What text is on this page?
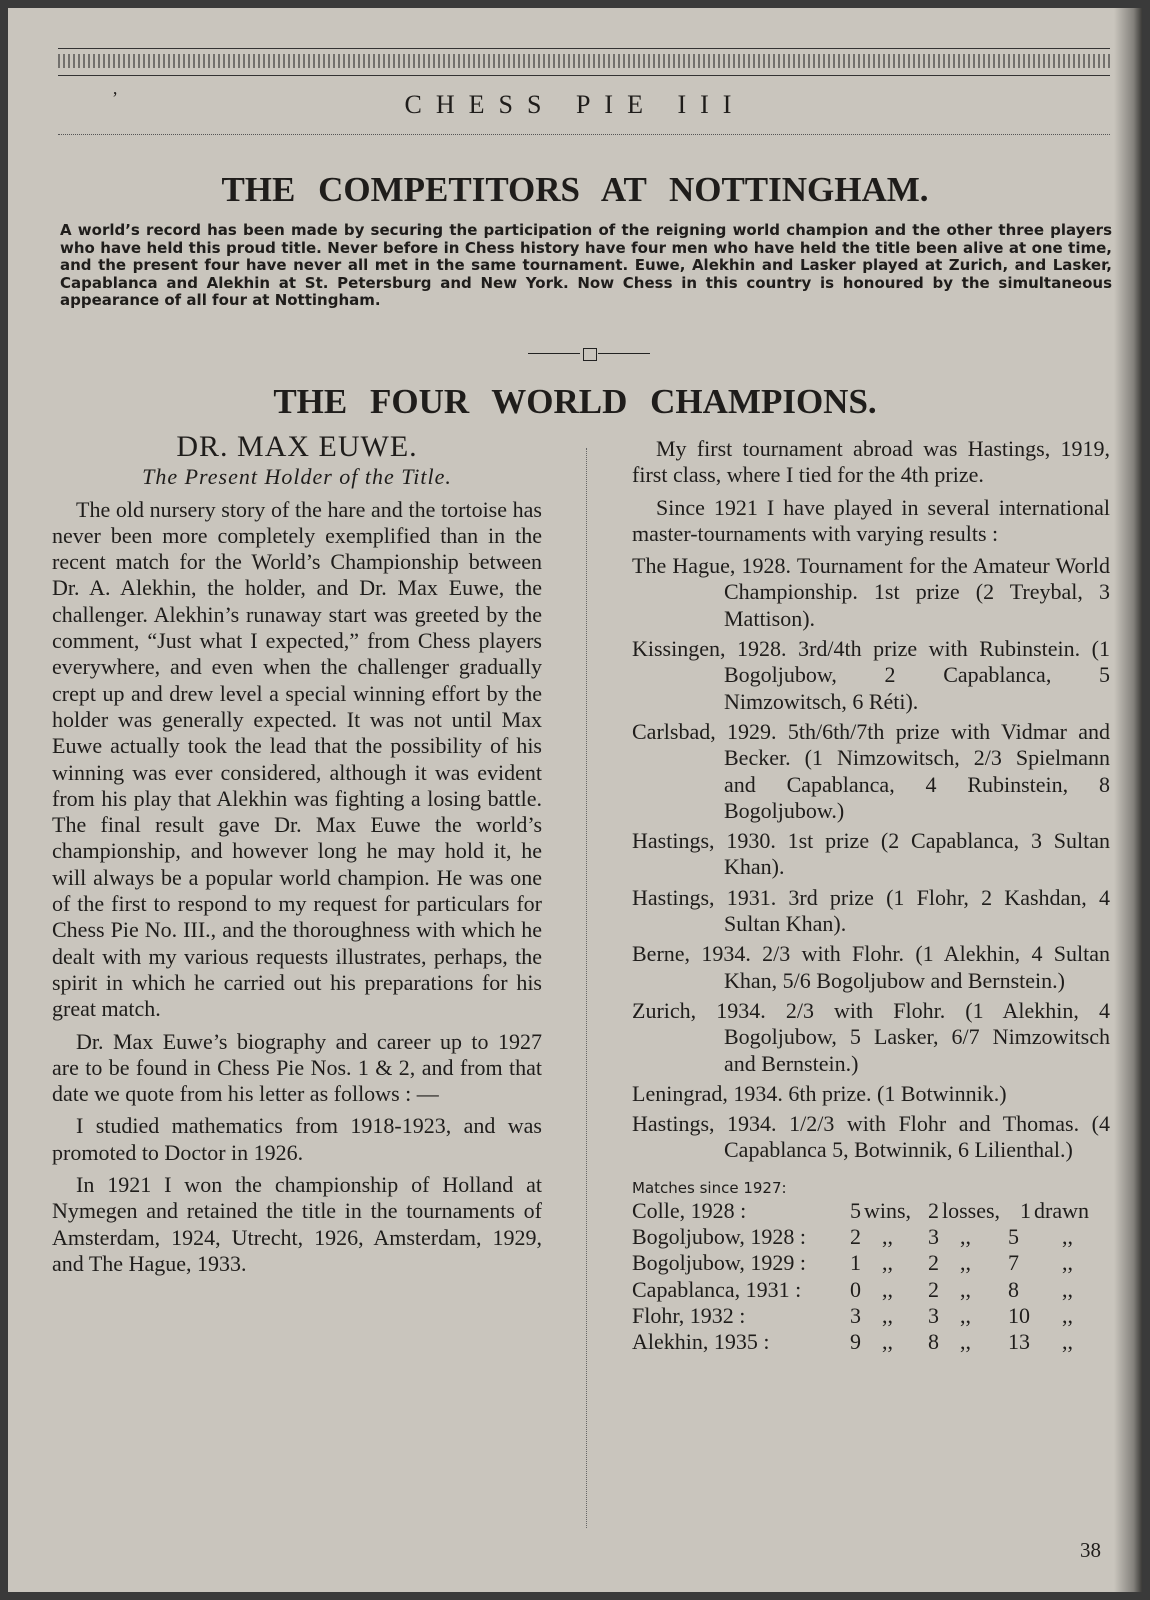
ʼ	CHESS PIE III
THE COMPETITORS AT NOTTINGHAM.
A world’s record has been made by securing the participation of the reigning world champion and the other three players who have held this proud title. Never before in Chess history have four men who have held the title been alive at one time, and the present four have never all met in the same tournament. Euwe, Alekhin and Lasker played at Zurich, and Lasker, Capablanca and Alekhin at St. Petersburg and New York. Now Chess in this country is honoured by the simultaneous appearance of all four at Nottingham.
THE FOUR WORLD CHAMPIONS.
DR. MAX EUWE.
The Present Holder of the Title.

The old nursery story of the hare and the tortoise has never been more completely exemplified than in the recent match for the World’s Championship between Dr. A. Alekhin, the holder, and Dr. Max Euwe, the challenger. Alekhin’s runaway start was greeted by the comment, “Just what I expected,” from Chess players everywhere, and even when the challenger gradually crept up and drew level a special winning effort by the holder was generally expected. It was not until Max Euwe actually took the lead that the possibility of his winning was ever considered, although it was evident from his play that Alekhin was fighting a losing battle. The final result gave Dr. Max Euwe the world’s championship, and however long he may hold it, he will always be a popular world champion. He was one of the first to respond to my request for particulars for Chess Pie No. III., and the thoroughness with which he dealt with my various requests illustrates, perhaps, the spirit in which he carried out his preparations for his great match.

Dr. Max Euwe’s biography and career up to 1927 are to be found in Chess Pie Nos. 1 & 2, and from that date we quote from his letter as follows : —

I studied mathematics from 1918-1923, and was promoted to Doctor in 1926.

In 1921 I won the championship of Holland at Nymegen and retained the title in the tournaments of Amsterdam, 1924, Utrecht, 1926, Amsterdam, 1929, and The Hague, 1933.

My first tournament abroad was Hastings, 1919, first class, where I tied for the 4th prize.

Since 1921 I have played in several international master-tournaments with varying results :

The Hague, 1928. Tournament for the Amateur World Championship. 1st prize (2 Treybal, 3 Mattison).

Kissingen, 1928. 3rd/4th prize with Rubinstein. (1 Bogoljubow, 2 Capablanca, 5 Nimzowitsch, 6 Réti).

Carlsbad, 1929. 5th/6th/7th prize with Vidmar and Becker. (1 Nimzowitsch, 2/3 Spielmann and Capablanca, 4 Rubinstein, 8 Bogoljubow.)

Hastings, 1930. 1st prize (2 Capablanca, 3 Sultan Khan).

Hastings, 1931. 3rd prize (1 Flohr, 2 Kashdan, 4 Sultan Khan).

Berne, 1934. 2/3 with Flohr. (1 Alekhin, 4 Sultan Khan, 5/6 Bogoljubow and Bernstein.)

Zurich, 1934. 2/3 with Flohr. (1 Alekhin, 4 Bogoljubow, 5 Lasker, 6/7 Nimzowitsch and Bernstein.)

Leningrad, 1934. 6th prize. (1 Botwinnik.)

Hastings, 1934. 1/2/3 with Flohr and Thomas. (4 Capablanca 5, Botwinnik, 6 Lilienthal.)

Matches since 1927:
Colle, 1928 :	5 wins, 2 losses, 1 drawn
Bogoljubow, 1928 : 2 ,, 3 ,, 5 ,,
Bogoljubow, 1929 : 1 ,, 2 ,, 7 ,,
Capablanca, 1931 : 0 ,, 2 ,, 8 ,,
Flohr, 1932 :	3 ,, 3 ,, 10 ,,
Alekhin, 1935 :	9 ,, 8 ,, 13 ,,
38
